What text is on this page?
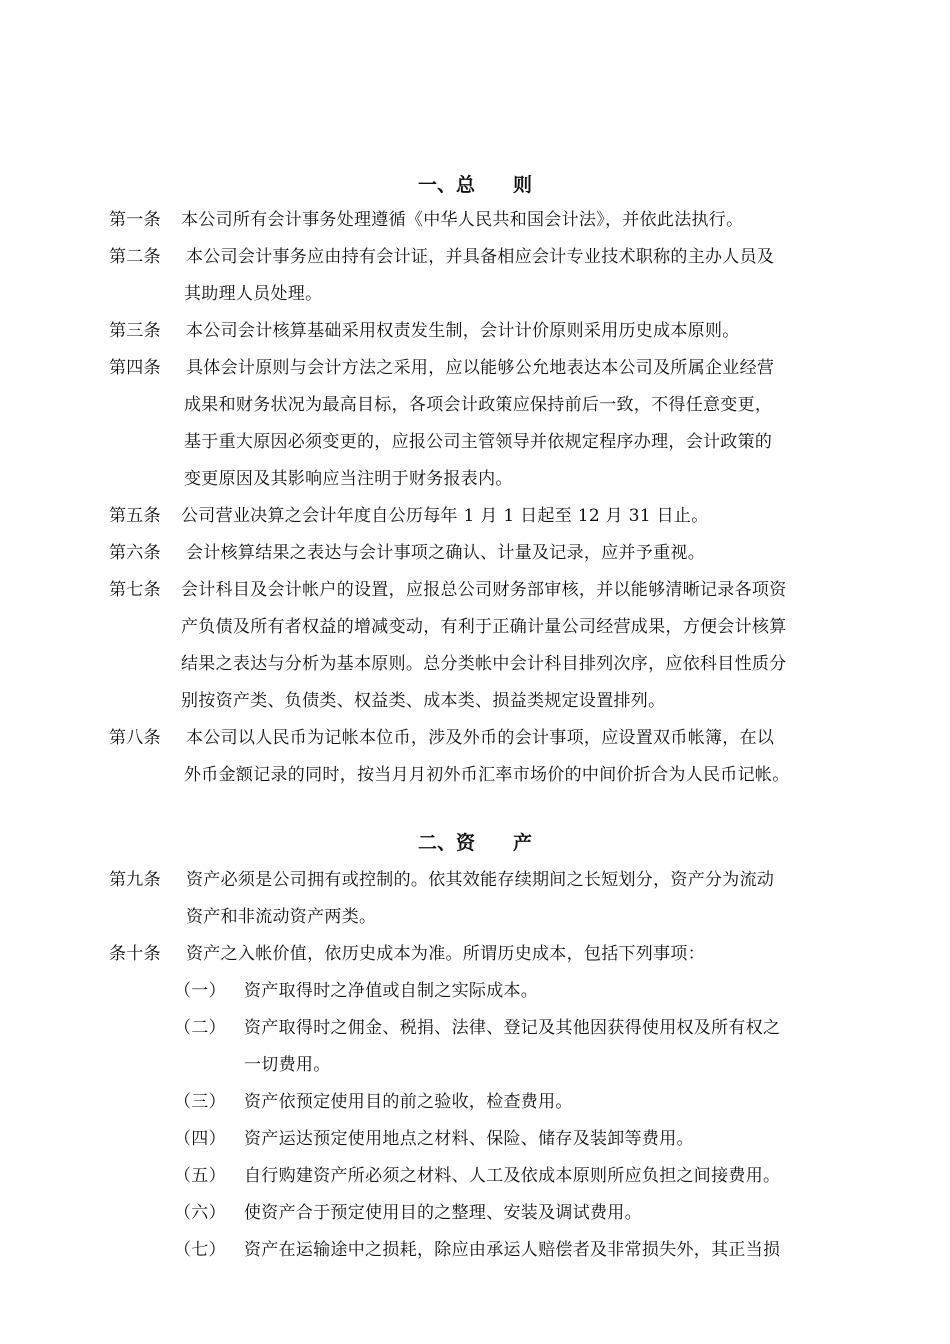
一、总　　则
第一条 本公司所有会计事务处理遵循《中华人民共和国会计法》，并依此法执行。
第二条 本公司会计事务应由持有会计证，并具备相应会计专业技术职称的主办人员及
其助理人员处理。
第三条 本公司会计核算基础采用权责发生制，会计计价原则采用历史成本原则。
第四条 具体会计原则与会计方法之采用，应以能够公允地表达本公司及所属企业经营
成果和财务状况为最高目标，各项会计政策应保持前后一致，不得任意变更，
基于重大原因必须变更的，应报公司主管领导并依规定程序办理，会计政策的
变更原因及其影响应当注明于财务报表内。
第五条 公司营业决算之会计年度自公历每年 1 月 1 日起至 12 月 31 日止。
第六条 会计核算结果之表达与会计事项之确认、计量及记录，应并予重视。
第七条 会计科目及会计帐户的设置，应报总公司财务部审核，并以能够清晰记录各项资
产负债及所有者权益的增减变动，有利于正确计量公司经营成果，方便会计核算
结果之表达与分析为基本原则。总分类帐中会计科目排列次序，应依科目性质分
别按资产类、负债类、权益类、成本类、损益类规定设置排列。
第八条 本公司以人民币为记帐本位币，涉及外币的会计事项，应设置双币帐簿，在以
外币金额记录的同时，按当月月初外币汇率市场价的中间价折合为人民币记帐。
二、资　　产
第九条 资产必须是公司拥有或控制的。依其效能存续期间之长短划分，资产分为流动
资产和非流动资产两类。
条十条 资产之入帐价值，依历史成本为准。所谓历史成本，包括下列事项：
（一） 资产取得时之净值或自制之实际成本。
（二） 资产取得时之佣金、税捐、法律、登记及其他因获得使用权及所有权之
一切费用。
（三） 资产依预定使用目的前之验收，检查费用。
（四） 资产运达预定使用地点之材料、保险、储存及装卸等费用。
（五） 自行购建资产所必须之材料、人工及依成本原则所应负担之间接费用。
（六） 使资产合于预定使用目的之整理、安装及调试费用。
（七） 资产在运输途中之损耗，除应由承运人赔偿者及非常损失外，其正当损
